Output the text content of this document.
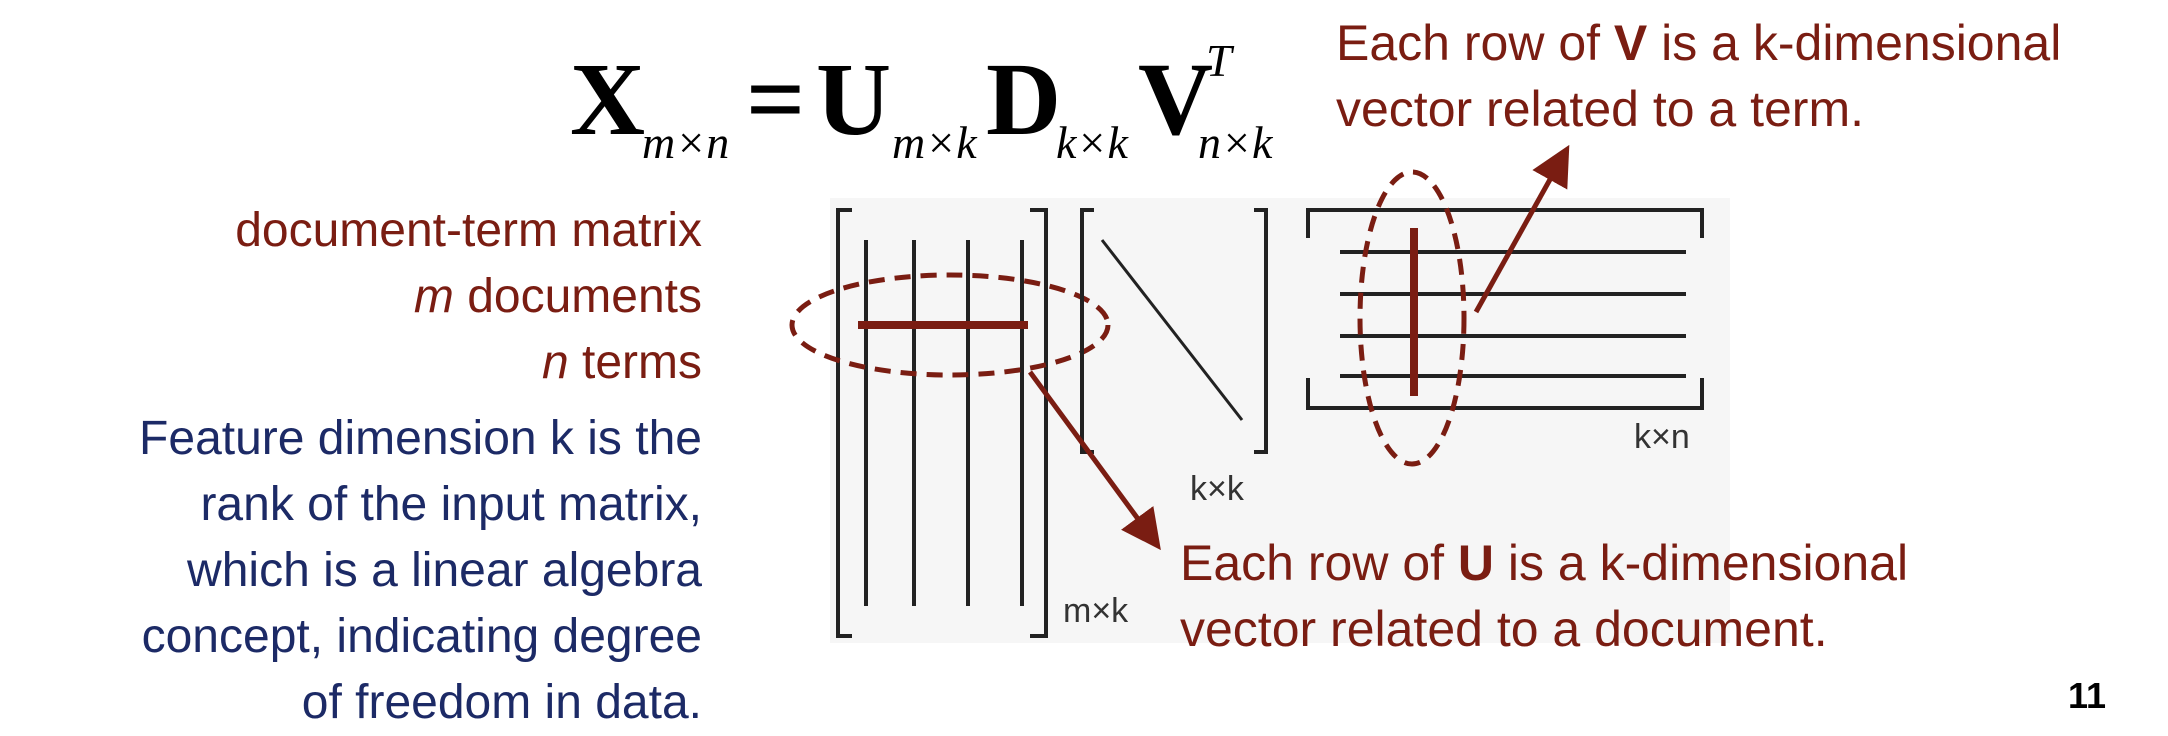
X
m×n = U m×k D
k×k V
T
n×k
document-term matrix
m documents
n terms
Feature dimension k is the
rank of the input matrix,
which is a linear algebra
concept, indicating degree
of freedom in data.
m×k
k×k
k×n
Each row of V is a k-dimensional
vector related to a term.
Each row of U is a k-dimensional
vector related to a document.
11
